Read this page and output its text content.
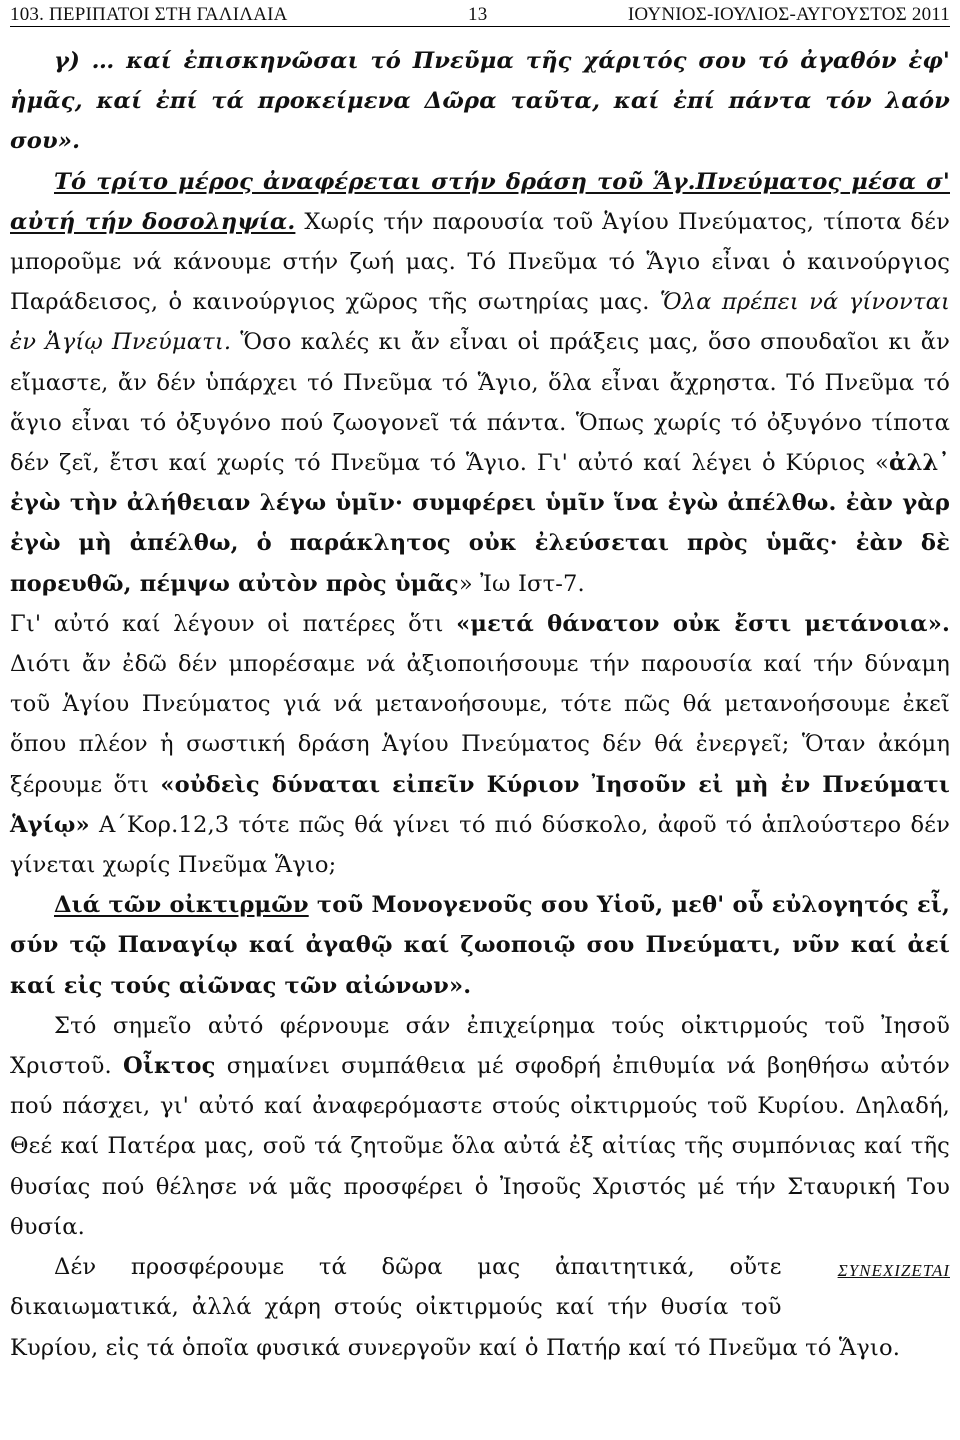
103. ΠΕΡΙΠΑΤΟΙ ΣΤΗ ΓΑΛΙΛΑΙΑ	13	ΙΟΥΝΙΟΣ-ΙΟΥΛΙΟΣ-ΑΥΓΟΥΣΤΟΣ 2011

γ) … καί ἐπισκηνῶσαι τό Πνεῦμα τῆς χάριτός σου τό ἀγαθόν ἐφ' ἡμᾶς, καί ἐπί τά προκείμενα Δῶρα ταῦτα, καί ἐπί πάντα τόν λαόν σου».

Τό τρίτο μέρος ἀναφέρεται στήν δράση τοῦ Ἅγ.Πνεύματος μέσα σ' αὐτή τήν δοσοληψία. Χωρίς τήν παρουσία τοῦ Ἁγίου Πνεύματος, τίποτα δέν μποροῦμε νά κάνουμε στήν ζωή μας. Τό Πνεῦμα τό Ἅγιο εἶναι ὁ καινούργιος Παράδεισος, ὁ καινούργιος χῶρος τῆς σωτηρίας μας. Ὅλα πρέπει νά γίνονται ἐν Ἁγίῳ Πνεύματι. Ὅσο καλές κι ἄν εἶναι οἱ πράξεις μας, ὅσο σπουδαῖοι κι ἄν εἴμαστε, ἄν δέν ὑπάρχει τό Πνεῦμα τό Ἅγιο, ὅλα εἶναι ἄχρηστα. Τό Πνεῦμα τό ἅγιο εἶναι τό ὀξυγόνο πού ζωογονεῖ τά πάντα. Ὅπως χωρίς τό ὀξυγόνο τίποτα δέν ζεῖ, ἔτσι καί χωρίς τό Πνεῦμα τό Ἅγιο. Γι' αὐτό καί λέγει ὁ Κύριος «ἀλλ᾽ ἐγὼ τὴν ἀλήθειαν λέγω ὑμῖν· συμφέρει ὑμῖν ἵνα ἐγὼ ἀπέλθω. ἐὰν γὰρ ἐγὼ μὴ ἀπέλθω, ὁ παράκλητος οὐκ ἐλεύσεται πρὸς ὑμᾶς· ἐὰν δὲ πορευθῶ, πέμψω αὐτὸν πρὸς ὑμᾶς» Ἰω Ιστ-7.

Γι' αὐτό καί λέγουν οἱ πατέρες ὅτι «μετά θάνατον οὐκ ἔστι μετάνοια». Διότι ἄν ἐδῶ δέν μπορέσαμε νά ἀξιοποιήσουμε τήν παρουσία καί τήν δύναμη τοῦ Ἁγίου Πνεύματος γιά νά μετανοήσουμε, τότε πῶς θά μετανοήσουμε ἐκεῖ ὅπου πλέον ἡ σωστική δράση Ἁγίου Πνεύματος δέν θά ἐνεργεῖ; Ὅταν ἀκόμη ξέρουμε ὅτι «οὐδεὶς δύναται εἰπεῖν Κύριον Ἰησοῦν εἰ μὴ ἐν Πνεύματι Ἁγίῳ» Α΄Κορ.12,3 τότε πῶς θά γίνει τό πιό δύσκολο, ἀφοῦ τό ἁπλούστερο δέν γίνεται χωρίς Πνεῦμα Ἅγιο;

Διά τῶν οἰκτιρμῶν τοῦ Μονογενοῦς σου Υἱοῦ, μεθ' οὗ εὐλογητός εἶ, σύν τῷ Παναγίῳ καί ἀγαθῷ καί ζωοποιῷ σου Πνεύματι, νῦν καί ἀεί καί εἰς τούς αἰῶνας τῶν αἰώνων».

Στό σημεῖο αὐτό φέρνουμε σάν ἐπιχείρημα τούς οἰκτιρμούς τοῦ Ἰησοῦ Χριστοῦ. Οἶκτος σημαίνει συμπάθεια μέ σφοδρή ἐπιθυμία νά βοηθήσω αὐτόν πού πάσχει, γι' αὐτό καί ἀναφερόμαστε στούς οἰκτιρμούς τοῦ Κυρίου. Δηλαδή, Θεέ καί Πατέρα μας, σοῦ τά ζητοῦμε ὅλα αὐτά ἐξ αἰτίας τῆς συμπόνιας καί τῆς θυσίας πού θέλησε νά μᾶς προσφέρει ὁ Ἰησοῦς Χριστός μέ τήν Σταυρική Του θυσία.

ΣΥΝΕΧΙΖΕΤΑΙ
Δέν προσφέρουμε τά δῶρα μας ἀπαιτητικά, οὔτε δικαιωματικά, ἀλλά χάρη στούς οἰκτιρμούς καί τήν θυσία τοῦ Κυρίου, εἰς τά ὁποῖα φυσικά συνεργοῦν καί ὁ Πατήρ καί τό Πνεῦμα τό Ἅγιο.
